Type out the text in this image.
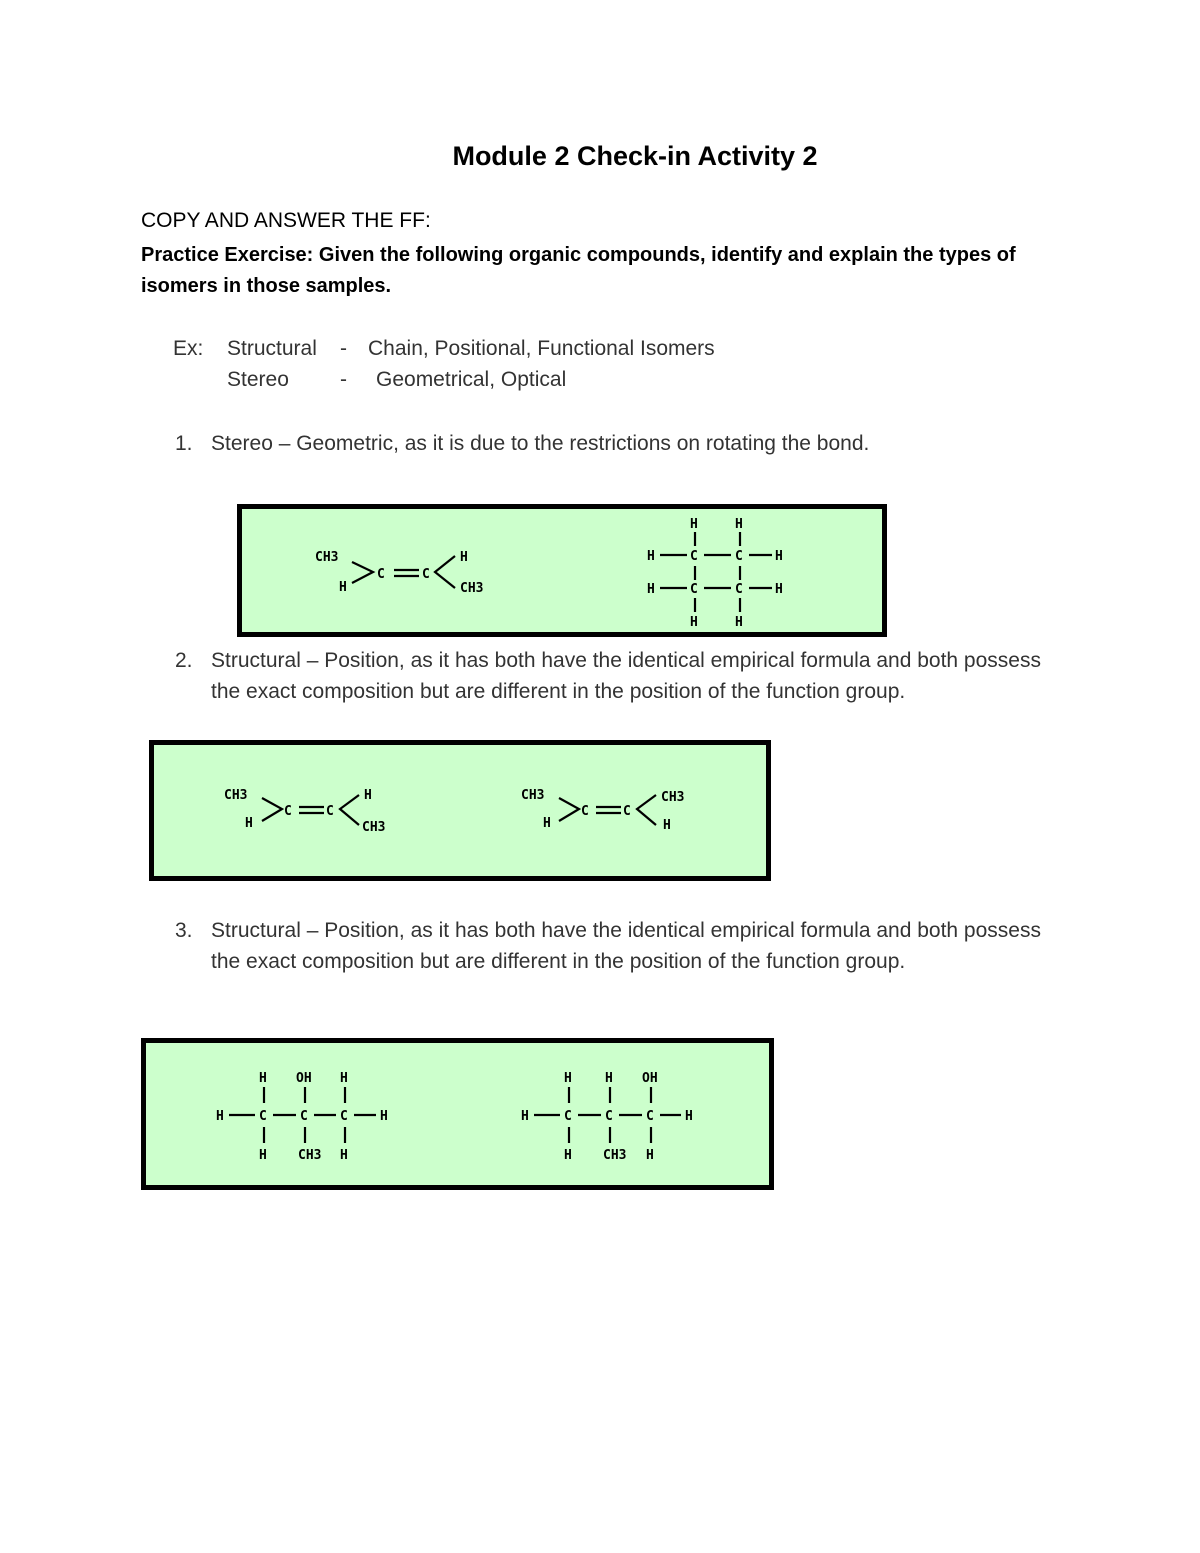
Module 2 Check-in Activity 2
COPY AND ANSWER THE FF:
Practice Exercise: Given the following organic compounds, identify and explain the types of isomers in those samples.
Ex: Structural - Chain, Positional, Functional Isomers
Stereo - Geometrical, Optical
1. Stereo – Geometric, as it is due to the restrictions on rotating the bond.
CH3
H
C	C
H
CH3
H	H
H	C	C H
H	C	C H
H	H
2. Structural – Position, as it has both have the identical empirical formula and both possess the exact composition but are different in the position of the function group.
CH3
H
C	C
H
CH3
CH3
H
C	C
CH3
H
3. Structural – Position, as it has both have the identical empirical formula and both possess the exact composition but are different in the position of the function group.
H OH H
H	C	C C H
H CH3 H
H	H OH
H	C	C	C H
H CH3 H
